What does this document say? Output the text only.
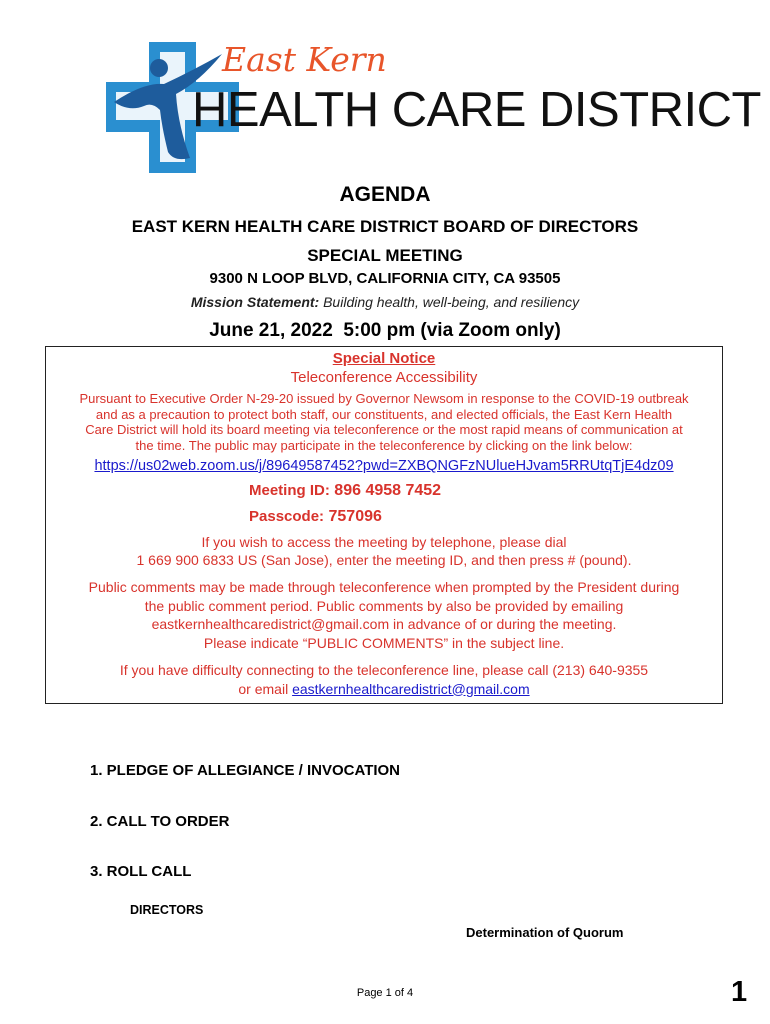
East Kern
HEALTH CARE DISTRICT
AGENDA
EAST KERN HEALTH CARE DISTRICT BOARD OF DIRECTORS
SPECIAL MEETING
9300 N LOOP BLVD, CALIFORNIA CITY, CA 93505
Mission Statement: Building health, well-being, and resiliency
June 21, 2022  5:00 pm (via Zoom only)
Special Notice
Teleconference Accessibility
Pursuant to Executive Order N-29-20 issued by Governor Newsom in response to the COVID-19 outbreak
and as a precaution to protect both staff, our constituents, and elected officials, the East Kern Health
Care District will hold its board meeting via teleconference or the most rapid means of communication at
the time. The public may participate in the teleconference by clicking on the link below:
https://us02web.zoom.us/j/89649587452?pwd=ZXBQNGFzNUlueHJvam5RRUtqTjE4dz09
Meeting ID: 896 4958 7452
Passcode: 757096
If you wish to access the meeting by telephone, please dial
1 669 900 6833 US (San Jose), enter the meeting ID, and then press # (pound).
Public comments may be made through teleconference when prompted by the President during
the public comment period. Public comments by also be provided by emailing
eastkernhealthcaredistrict@gmail.com in advance of or during the meeting.
Please indicate “PUBLIC COMMENTS” in the subject line.
If you have difficulty connecting to the teleconference line, please call (213) 640-9355
or email eastkernhealthcaredistrict@gmail.com
1. PLEDGE OF ALLEGIANCE / INVOCATION
2. CALL TO ORDER
3. ROLL CALL
DIRECTORS
Determination of Quorum
Page 1 of 4	1
